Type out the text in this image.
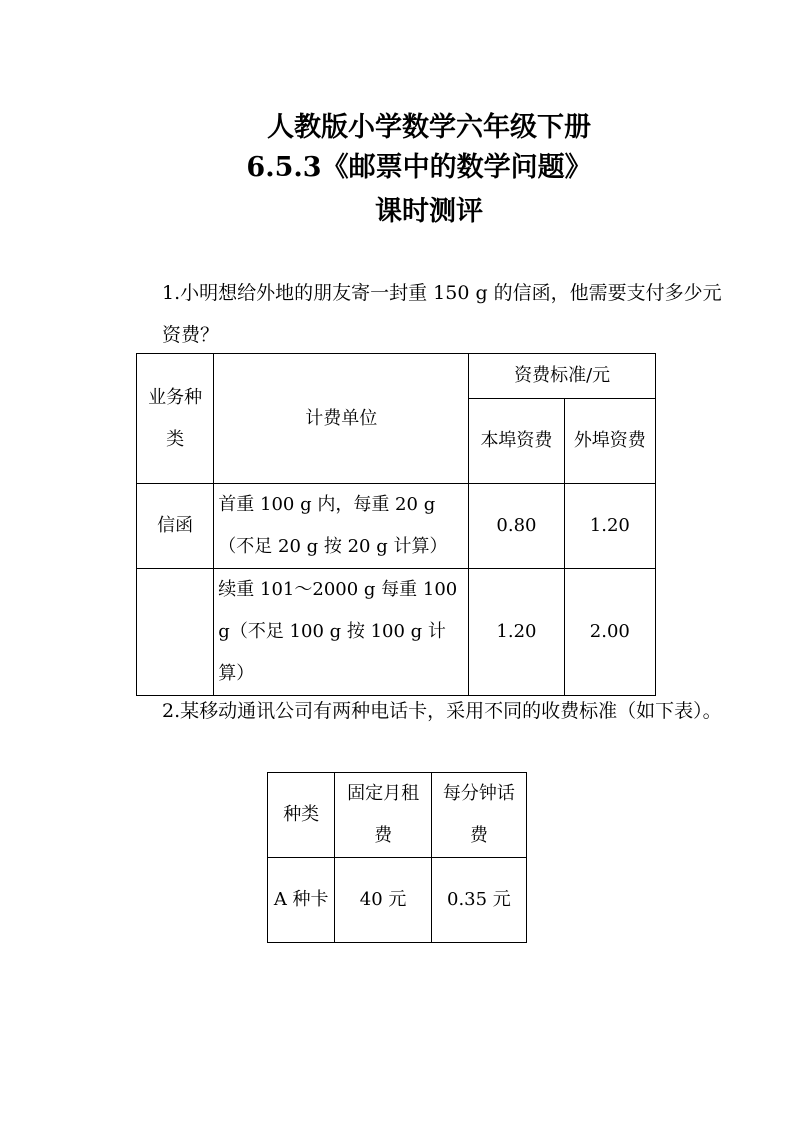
人教版小学数学六年级下册
6.5.3《邮票中的数学问题》
课时测评

1.小明想给外地的朋友寄一封重 150 g 的信函，他需要支付多少元资费？

业务种类	计费单位	资费标准/元	
		本埠资费	外埠资费
信函	首重 100 g 内，每重 20 g（不足 20 g 按 20 g 计算）	0.80	1.20
	续重 101～2000 g 每重 100 g（不足 100 g 按 100 g 计算）	1.20	2.00

2.某移动通讯公司有两种电话卡，采用不同的收费标准（如下表）。

种类	固定月租费	每分钟话费
A 种卡	40 元	0.35 元
